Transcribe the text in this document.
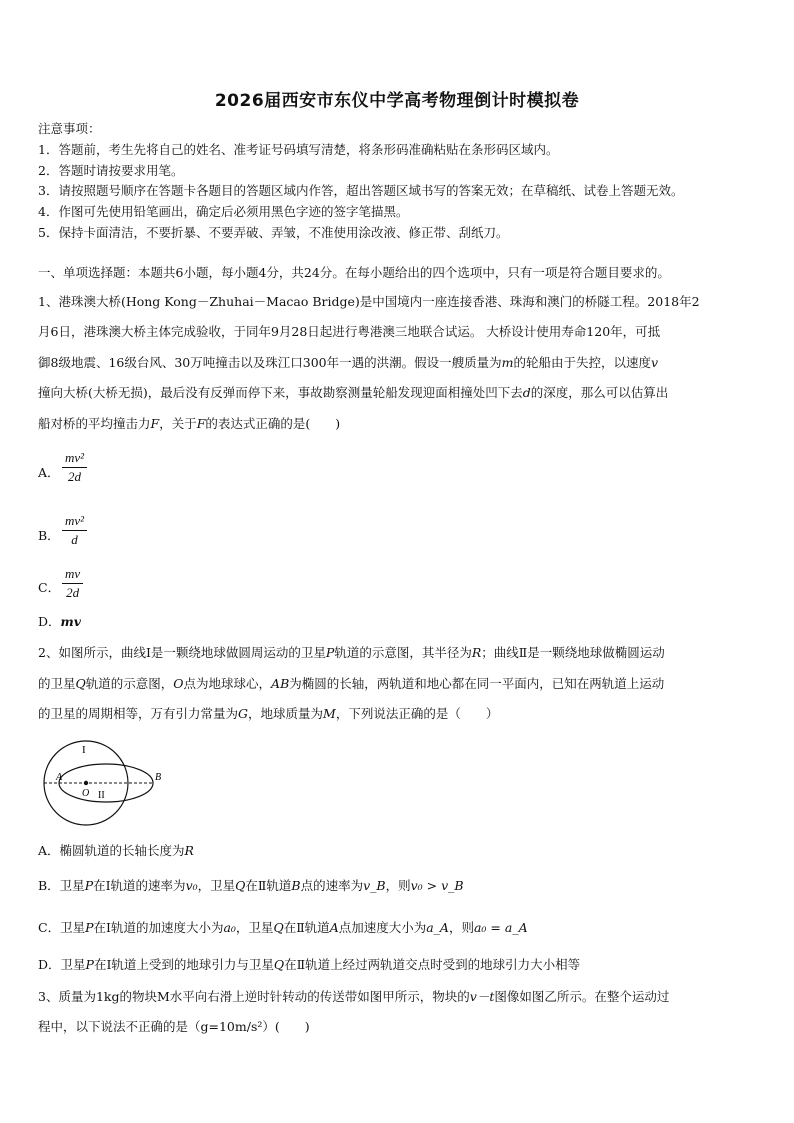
2026届西安市东仪中学高考物理倒计时模拟卷
注意事项：
1．答题前，考生先将自己的姓名、准考证号码填写清楚，将条形码准确粘贴在条形码区域内。
2．答题时请按要求用笔。
3．请按照题号顺序在答题卡各题目的答题区域内作答，超出答题区域书写的答案无效；在草稿纸、试卷上答题无效。
4．作图可先使用铅笔画出，确定后必须用黑色字迹的签字笔描黑。
5．保持卡面清洁，不要折暴、不要弄破、弄皱，不准使用涂改液、修正带、刮纸刀。
一、单项选择题：本题共6小题，每小题4分，共24分。在每小题给出的四个选项中，只有一项是符合题目要求的。
1、港珠澳大桥(Hong Kong－Zhuhai－Macao Bridge)是中国境内一座连接香港、珠海和澳门的桥隧工程。2018年2
月6日，港珠澳大桥主体完成验收，于同年9月28日起进行粤港澳三地联合试运。 大桥设计使用寿命120年，可抵
御8级地震、16级台风、30万吨撞击以及珠江口300年一遇的洪潮。假设一艘质量为m的轮船由于失控，以速度v
撞向大桥(大桥无损)，最后没有反弹而停下来，事故勘察测量轮船发现迎面相撞处凹下去d的深度，那么可以估算出
船对桥的平均撞击力F，关于F的表达式正确的是(　　)
A．
mv²
2d
B．
mv²
d
C．
mv
2d
D．mv
2、如图所示，曲线Ⅰ是一颗绕地球做圆周运动的卫星P轨道的示意图，其半径为R；曲线Ⅱ是一颗绕地球做椭圆运动
的卫星Q轨道的示意图，O点为地球球心，AB为椭圆的长轴，两轨道和地心都在同一平面内，已知在两轨道上运动
的卫星的周期相等，万有引力常量为G，地球质量为M，下列说法正确的是（　　）
I
II
A	B
O
A．椭圆轨道的长轴长度为R
B．卫星P在Ⅰ轨道的速率为v₀，卫星Q在Ⅱ轨道B点的速率为v_B，则v₀ > v_B
C．卫星P在Ⅰ轨道的加速度大小为a₀，卫星Q在Ⅱ轨道A点加速度大小为a_A，则a₀ = a_A
D．卫星P在Ⅰ轨道上受到的地球引力与卫星Q在Ⅱ轨道上经过两轨道交点时受到的地球引力大小相等
3、质量为1kg的物块M水平向右滑上逆时针转动的传送带如图甲所示，物块的v－t图像如图乙所示。在整个运动过
程中，以下说法不正确的是（g=10m/s²）(　　)
